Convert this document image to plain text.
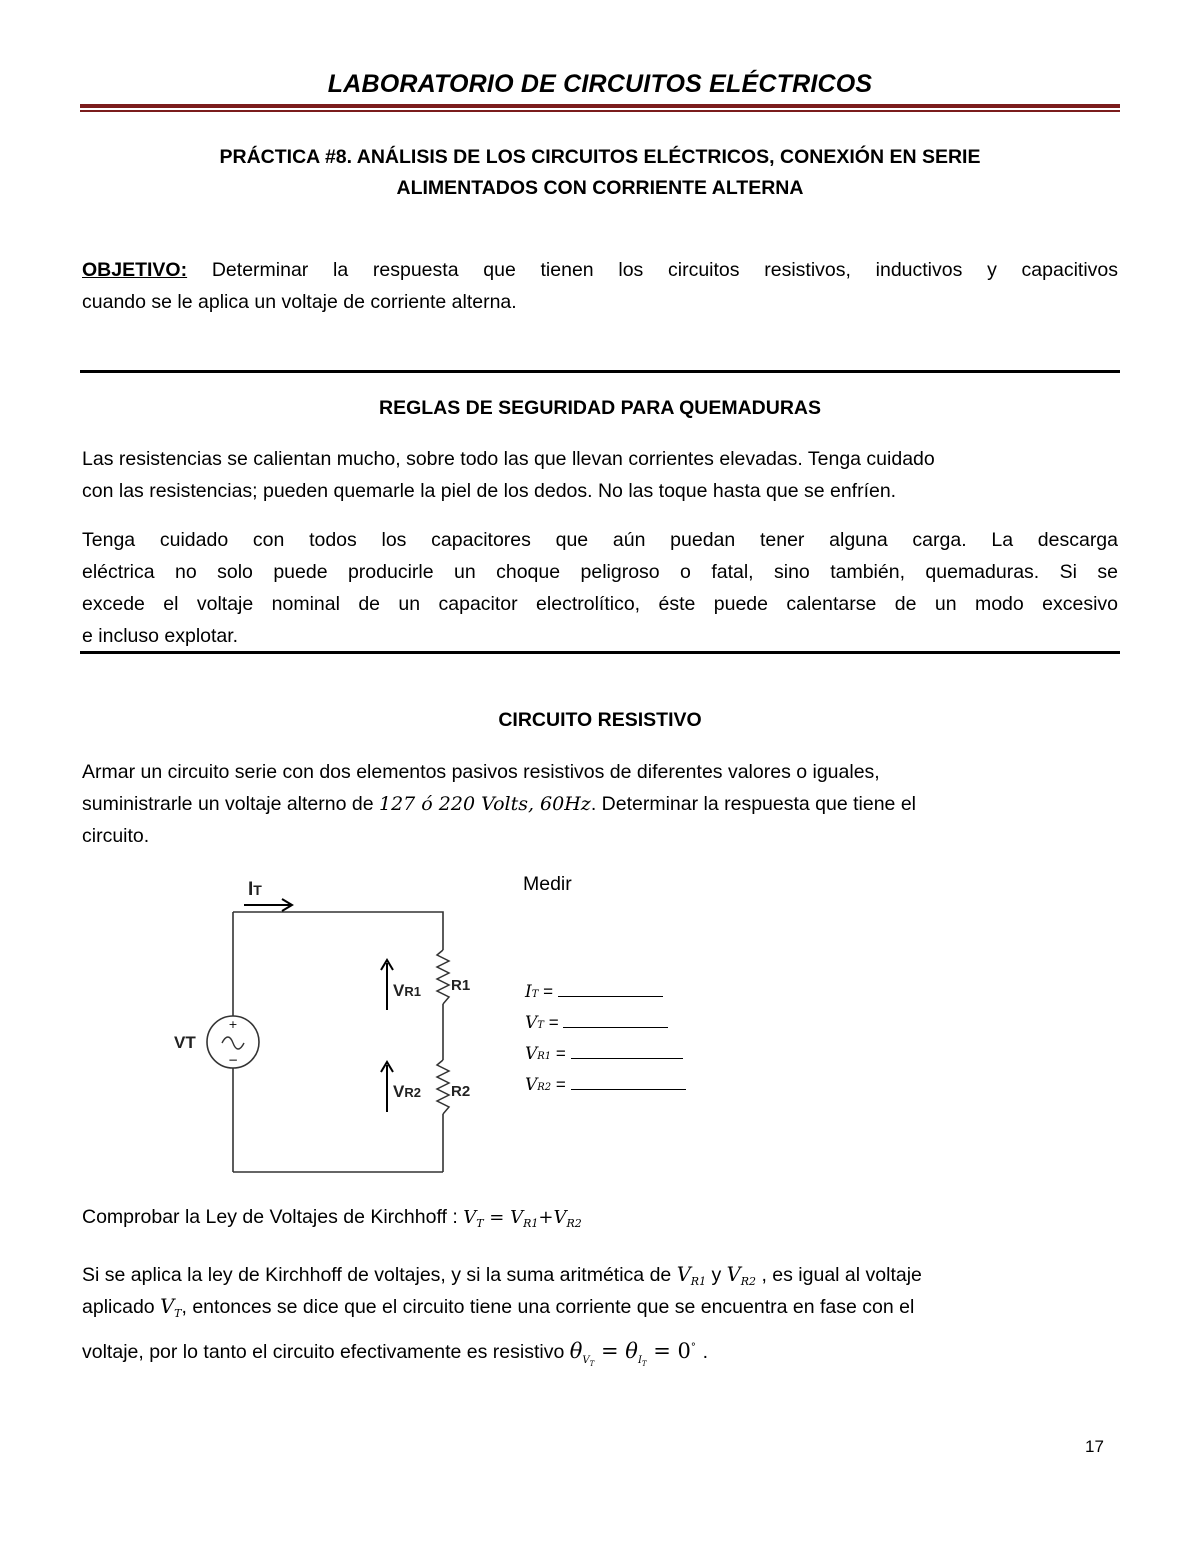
LABORATORIO DE CIRCUITOS ELÉCTRICOS
PRÁCTICA #8. ANÁLISIS DE LOS CIRCUITOS ELÉCTRICOS, CONEXIÓN EN SERIE
ALIMENTADOS CON CORRIENTE ALTERNA
OBJETIVO: Determinar la respuesta que tienen los circuitos resistivos, inductivos y capacitivos
cuando se le aplica un voltaje de corriente alterna.
REGLAS DE SEGURIDAD PARA QUEMADURAS
Las resistencias se calientan mucho, sobre todo las que llevan corrientes elevadas. Tenga cuidado
con las resistencias; pueden quemarle la piel de los dedos. No las toque hasta que se enfríen.
Tenga cuidado con todos los capacitores que aún puedan tener alguna carga. La descarga
eléctrica no solo puede producirle un choque peligroso o fatal, sino también, quemaduras. Si se
excede el voltaje nominal de un capacitor electrolítico, éste puede calentarse de un modo excesivo
e incluso explotar.
CIRCUITO RESISTIVO
Armar un circuito serie con dos elementos pasivos resistivos de diferentes valores o iguales,
suministrarle un voltaje alterno de 127 ó 220 Volts, 60Hz. Determinar la respuesta que tiene el
circuito.
+
−
IT
VT
VR1 R1
VR2 R2
Medir
IT =
VT =
VR1 =
VR2 =
Comprobar la Ley de Voltajes de Kirchhoff : $V_T = V_{R1}+V_{R2}$
Si se aplica la ley de Kirchhoff de voltajes, y si la suma aritmética de $V_{R1}$ y $V_{R2}$ , es igual al voltaje
aplicado $V_T$, entonces se dice que el circuito tiene una corriente que se encuentra en fase con el
voltaje, por lo tanto el circuito efectivamente es resistivo $\theta_{V_T} = \theta_{I_T} = 0^\circ$ .
17
